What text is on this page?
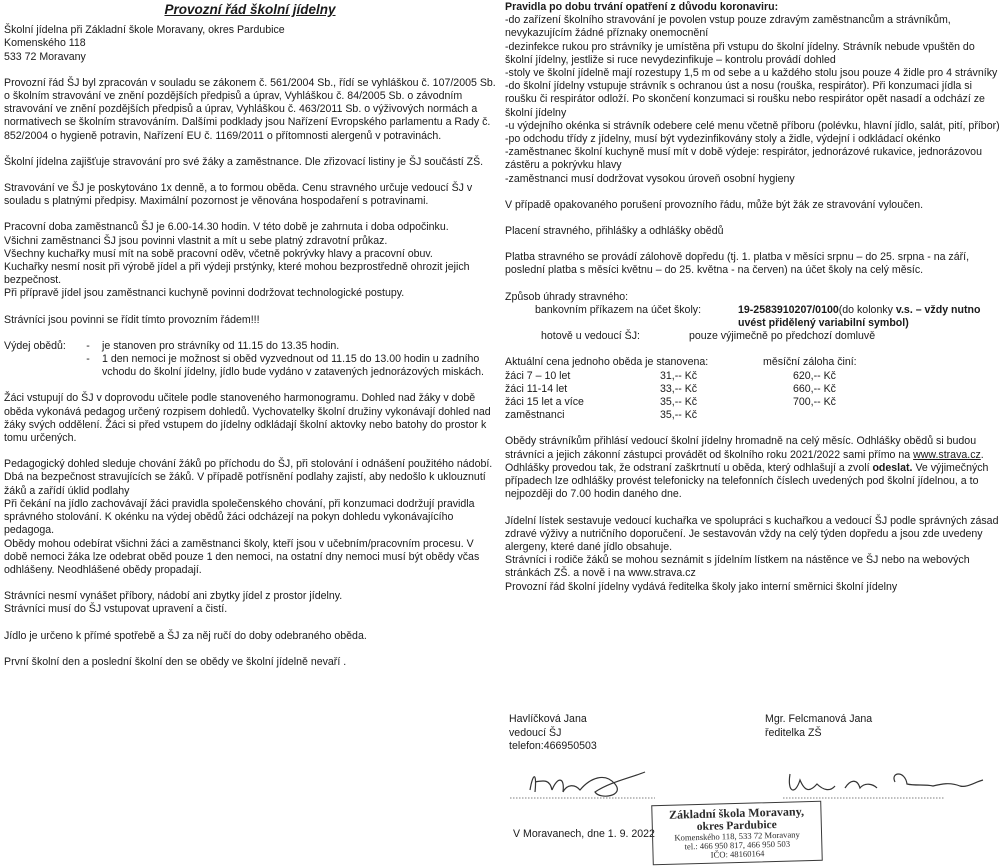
Provozní řád školní jídelny

Školní jídelna při Základní škole Moravany, okres Pardubice

Komenského 118

533 72 Moravany

Provozní řád ŠJ byl zpracován v souladu se zákonem č. 561/2004 Sb., řídí se vyhláškou č. 107/2005 Sb. o školním stravování ve znění pozdějších předpisů a úprav, Vyhláškou č. 84/2005 Sb. o závodním stravování ve znění pozdějších předpisů a úprav, Vyhláškou č. 463/2011 Sb. o výživových normách a normativech se školním stravováním. Dalšími podklady jsou Nařízení Evropského parlamentu a Rady č. 852/2004 o hygieně potravin, Nařízení EU č. 1169/2011 o přítomnosti alergenů v potravinách.

Školní jídelna zajišťuje stravování pro své žáky a zaměstnance. Dle zřizovací listiny je ŠJ součástí ZŠ.

Stravování ve ŠJ je poskytováno 1x denně, a to formou oběda. Cenu stravného určuje vedoucí ŠJ v souladu s platnými předpisy. Maximální pozornost je věnována hospodaření s potravinami.

Pracovní doba zaměstnanců ŠJ je 6.00-14.30 hodin. V této době je zahrnuta i doba odpočinku.

Všichni zaměstnanci ŠJ jsou povinni vlastnit a mít u sebe platný zdravotní průkaz.

Všechny kuchařky musí mít na sobě pracovní oděv, včetně pokrývky hlavy a pracovní obuv.

Kuchařky nesmí nosit při výrobě jídel a při výdeji prstýnky, které mohou bezprostředně ohrozit jejich bezpečnost.

Při přípravě jídel jsou zaměstnanci kuchyně povinni dodržovat technologické postupy.

Strávníci jsou povinni se řídit tímto provozním řádem!!!

Výdej obědů:	-	je stanoven pro strávníky od 11.15 do 13.35 hodin.
-	1 den nemoci je možnost si oběd vyzvednout od 11.15 do 13.00 hodin u zadního vchodu do školní jídelny, jídlo bude vydáno v zatavených jednorázových miskách.

Žáci vstupují do ŠJ v doprovodu učitele podle stanoveného harmonogramu. Dohled nad žáky v době oběda vykonává pedagog určený rozpisem dohledů. Vychovatelky školní družiny vykonávají dohled nad žáky svých oddělení. Žáci si před vstupem do jídelny odkládají školní aktovky nebo batohy do prostor k tomu určených.

Pedagogický dohled sleduje chování žáků po příchodu do ŠJ, při stolování i odnášení použitého nádobí. Dbá na bezpečnost stravujících se žáků. V případě potřísnění podlahy zajistí, aby nedošlo k uklouznutí žáků a zařídí úklid podlahy

Při čekání na jídlo zachovávají žáci pravidla společenského chování, při konzumaci dodržují pravidla správného stolování. K okénku na výdej obědů žáci odcházejí na pokyn dohledu vykonávajícího pedagoga.

Obědy mohou odebírat všichni žáci a zaměstnanci školy, kteří jsou v učebním/pracovním procesu. V době nemoci žáka lze odebrat oběd pouze 1 den nemoci, na ostatní dny nemoci musí být obědy včas odhlášeny. Neodhlášené obědy propadají.

Strávníci nesmí vynášet příbory, nádobí ani zbytky jídel z prostor jídelny.

Strávníci musí do ŠJ vstupovat upravení a čistí.

Jídlo je určeno k přímé spotřebě a ŠJ za něj ručí do doby odebraného oběda.

První školní den a poslední školní den se obědy ve školní jídelně nevaří .

Pravidla po dobu trvání opatření z důvodu koronaviru:

-do zařízení školního stravování je povolen vstup pouze zdravým zaměstnancům a strávníkům, nevykazujícím žádné příznaky onemocnění

-dezinfekce rukou pro strávníky je umístěna při vstupu do školní jídelny. Strávník nebude vpuštěn do školní jídelny, jestliže si ruce nevydezinfikuje – kontrolu provádí dohled

-stoly ve školní jídelně mají rozestupy 1,5 m od sebe a u každého stolu jsou pouze 4 židle pro 4 strávníky

-do školní jídelny vstupuje strávník s ochranou úst a nosu (rouška, respirátor). Při konzumaci jídla si roušku či respirátor odloží. Po skončení konzumaci si roušku nebo respirátor opět nasadí a odchází ze školní jídelny

-u výdejního okénka si strávník odebere celé menu včetně příboru (polévku, hlavní jídlo, salát, pití, příbor)

-po odchodu třídy z jídelny, musí být vydezinfikovány stoly a židle, výdejní i odkládací okénko

-zaměstnanec školní kuchyně musí mít v době výdeje: respirátor, jednorázové rukavice, jednorázovou zástěru a pokrývku hlavy

-zaměstnanci musí dodržovat vysokou úroveň osobní hygieny

V případě opakovaného porušení provozního řádu, může být žák ze stravování vyloučen.

Placení stravného, přihlášky a odhlášky obědů

Platba stravného se provádí zálohově dopředu (tj. 1. platba v měsíci srpnu – do 25. srpna - na září, poslední platba s měsíci květnu – do 25. května - na červen) na účet školy na celý měsíc.

Způsob úhrady stravného:

bankovním příkazem na účet školy:	19-2583910207/0100(do kolonky v.s. – vždy nutno uvést přidělený variabilní symbol)
hotově u vedoucí ŠJ:	pouze výjimečně po předchozí domluvě
Aktuální cena jednoho oběda je stanovena:		měsíční záloha činí:
žáci 7 – 10 let	31,-- Kč	620,-- Kč
žáci 11-14 let	33,-- Kč	660,-- Kč
žáci 15 let a více	35,-- Kč	700,-- Kč
zaměstnanci	35,-- Kč	

Obědy strávníkům přihlásí vedoucí školní jídelny hromadně na celý měsíc. Odhlášky obědů si budou strávníci a jejich zákonní zástupci provádět od školního roku 2021/2022 sami přímo na www.strava.cz. Odhlášky provedou tak, že odstraní zaškrtnutí u oběda, který odhlašují a zvolí odeslat. Ve výjimečných případech lze odhlášky provést telefonicky na telefonních číslech uvedených pod školní jídelnou, a to nejpozději do 7.00 hodin daného dne.

Jídelní lístek sestavuje vedoucí kuchařka ve spolupráci s kuchařkou a vedoucí ŠJ podle správných zásad zdravé výživy a nutričního doporučení. Je sestavován vždy na celý týden dopředu a jsou zde uvedeny alergeny, které dané jídlo obsahuje.

Strávníci i rodiče žáků se mohou seznámit s jídelním lístkem na nástěnce ve ŠJ nebo na webových stránkách ZŠ. a nově i na www.strava.cz

Provozní řád školní jídelny vydává ředitelka školy jako interní směrnici školní jídelny

Havlíčková Jana
vedoucí ŠJ
telefon:466950503
Mgr. Felcmanová Jana
ředitelka ZŠ
V Moravanech, dne 1. 9. 2022
Základní škola Moravany,
okres Pardubice
Komenského 118, 533 72 Moravany
tel.: 466 950 817, 466 950 503
IČO: 48160164
